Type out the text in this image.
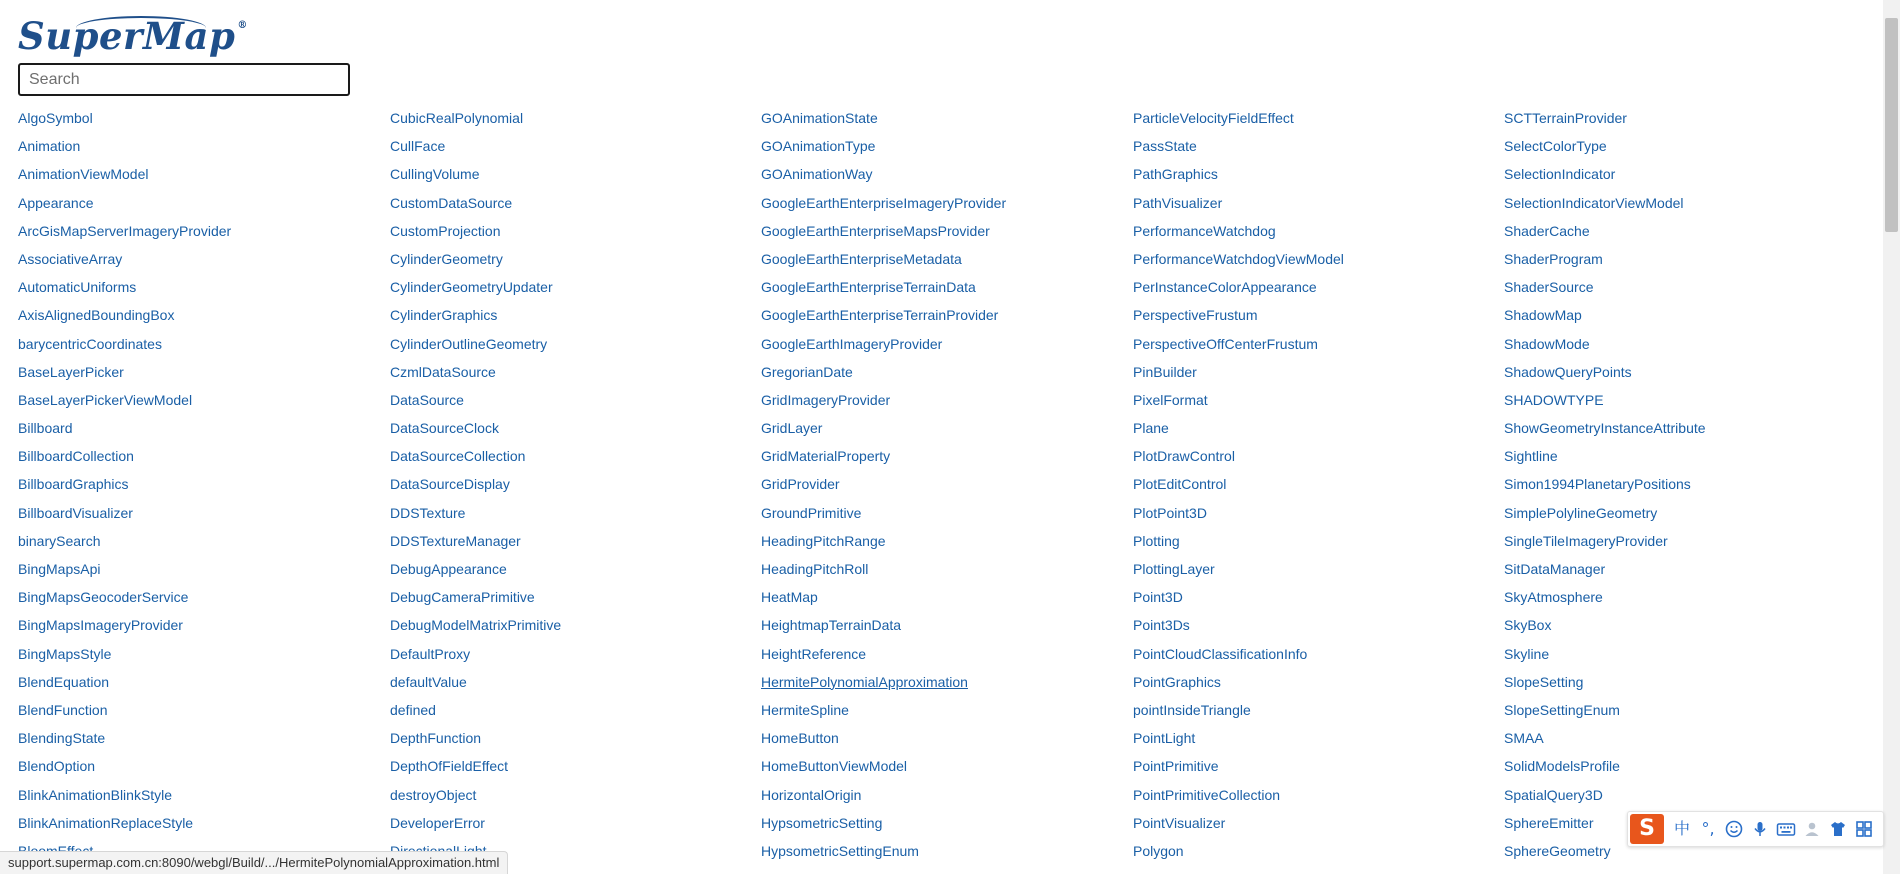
SuperMap ®
Search
AlgoSymbol
Animation
AnimationViewModel
Appearance
ArcGisMapServerImageryProvider
AssociativeArray
AutomaticUniforms
AxisAlignedBoundingBox
barycentricCoordinates
BaseLayerPicker
BaseLayerPickerViewModel
Billboard
BillboardCollection
BillboardGraphics
BillboardVisualizer
binarySearch
BingMapsApi
BingMapsGeocoderService
BingMapsImageryProvider
BingMapsStyle
BlendEquation
BlendFunction
BlendingState
BlendOption
BlinkAnimationBlinkStyle
BlinkAnimationReplaceStyle
CubicRealPolynomial
CullFace
CullingVolume
CustomDataSource
CustomProjection
CylinderGeometry
CylinderGeometryUpdater
CylinderGraphics
CylinderOutlineGeometry
CzmlDataSource
DataSource
DataSourceClock
DataSourceCollection
DataSourceDisplay
DDSTexture
DDSTextureManager
DebugAppearance
DebugCameraPrimitive
DebugModelMatrixPrimitive
DefaultProxy
defaultValue
defined
DepthFunction
DepthOfFieldEffect
destroyObject
DeveloperError
GOAnimationState
GOAnimationType
GOAnimationWay
GoogleEarthEnterpriseImageryProvider
GoogleEarthEnterpriseMapsProvider
GoogleEarthEnterpriseMetadata
GoogleEarthEnterpriseTerrainData
GoogleEarthEnterpriseTerrainProvider
GoogleEarthImageryProvider
GregorianDate
GridImageryProvider
GridLayer
GridMaterialProperty
GridProvider
GroundPrimitive
HeadingPitchRange
HeadingPitchRoll
HeatMap
HeightmapTerrainData
HeightReference
HermitePolynomialApproximation
HermiteSpline
HomeButton
HomeButtonViewModel
HorizontalOrigin
HypsometricSetting
HypsometricSettingEnum
ParticleVelocityFieldEffect
PassState
PathGraphics
PathVisualizer
PerformanceWatchdog
PerformanceWatchdogViewModel
PerInstanceColorAppearance
PerspectiveFrustum
PerspectiveOffCenterFrustum
PinBuilder
PixelFormat
Plane
PlotDrawControl
PlotEditControl
PlotPoint3D
Plotting
PlottingLayer
Point3D
Point3Ds
PointCloudClassificationInfo
PointGraphics
pointInsideTriangle
PointLight
PointPrimitive
PointPrimitiveCollection
PointVisualizer
Polygon
SCTTerrainProvider
SelectColorType
SelectionIndicator
SelectionIndicatorViewModel
ShaderCache
ShaderProgram
ShaderSource
ShadowMap
ShadowMode
ShadowQueryPoints
SHADOWTYPE
ShowGeometryInstanceAttribute
Sightline
Simon1994PlanetaryPositions
SimplePolylineGeometry
SingleTileImageryProvider
SitDataManager
SkyAtmosphere
SkyBox
Skyline
SlopeSetting
SlopeSettingEnum
SMAA
SolidModelsProfile
SpatialQuery3D
SphereEmitter
SphereGeometry
S	中 °,
support.supermap.com.cn:8090/webgl/Build/.../HermitePolynomialApproximation.html
